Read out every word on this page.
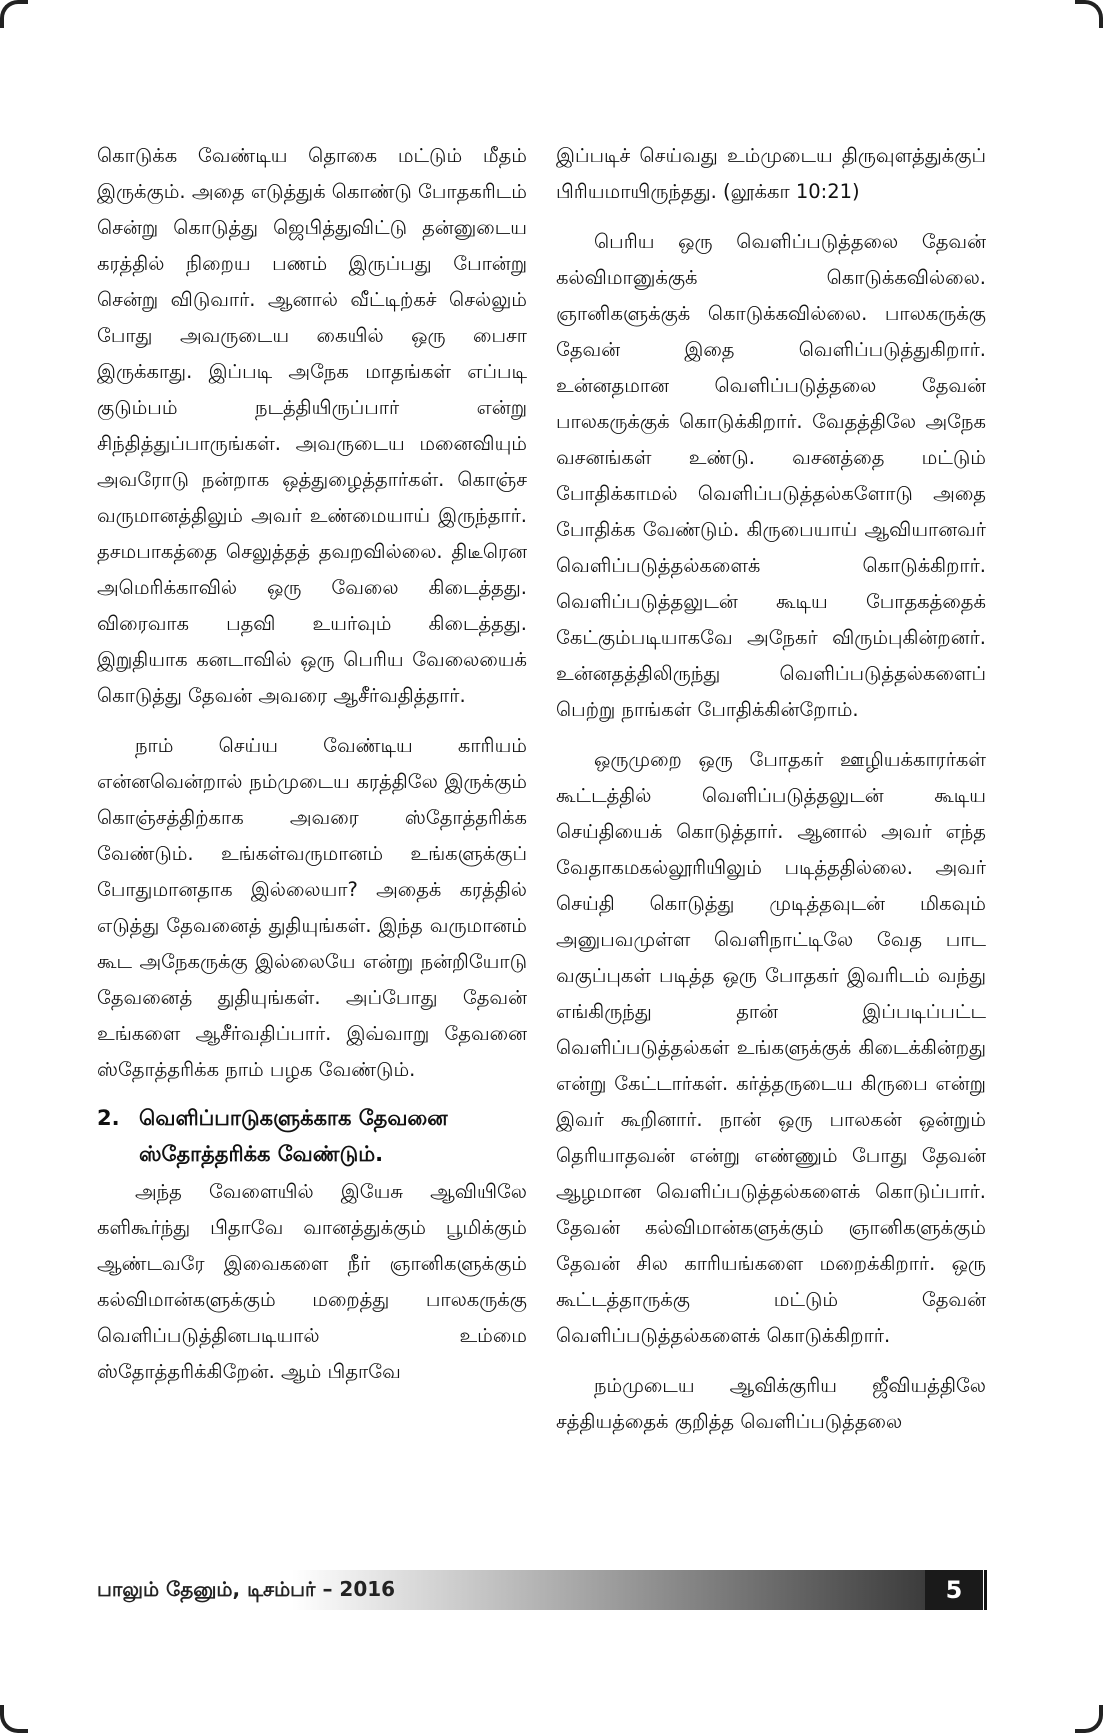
கொடுக்க வேண்டிய தொகை மட்டும் மீதம் இருக்கும். அதை எடுத்துக் கொண்டு போதகரிடம் சென்று கொடுத்து ஜெபித்துவிட்டு தன்னுடைய கரத்தில் நிறைய பணம் இருப்பது போன்று சென்று விடுவார். ஆனால் வீட்டிற்கச் செல்லும் போது அவருடைய கையில் ஒரு பைசா இருக்காது. இப்படி அநேக மாதங்கள் எப்படி குடும்பம் நடத்தியிருப்பார் என்று சிந்தித்துப்பாருங்கள். அவருடைய மனைவியும் அவரோடு நன்றாக ஒத்துழைத்தார்கள். கொஞ்ச வருமானத்திலும் அவர் உண்மையாய் இருந்தார். தசமபாகத்தை செலுத்தத் தவறவில்லை. திடீரென அமெரிக்காவில் ஒரு வேலை கிடைத்தது. விரைவாக பதவி உயர்வும் கிடைத்தது. இறுதியாக கனடாவில் ஒரு பெரிய வேலையைக் கொடுத்து தேவன் அவரை ஆசீர்வதித்தார்.

நாம் செய்ய வேண்டிய காரியம் என்னவென்றால் நம்முடைய கரத்திலே இருக்கும் கொஞ்சத்திற்காக அவரை ஸ்தோத்தரிக்க வேண்டும். உங்கள்வருமானம் உங்களுக்குப் போதுமானதாக இல்லையா? அதைக் கரத்தில் எடுத்து தேவனைத் துதியுங்கள். இந்த வருமானம் கூட அநேகருக்கு இல்லையே என்று நன்றியோடு தேவனைத் துதியுங்கள். அப்போது தேவன் உங்களை ஆசீர்வதிப்பார். இவ்வாறு தேவனை ஸ்தோத்தரிக்க நாம் பழக வேண்டும்.

2. வெளிப்பாடுகளுக்காக தேவனை ஸ்தோத்தரிக்க வேண்டும்.

அந்த வேளையில் இயேசு ஆவியிலே களிகூர்ந்து பிதாவே வானத்துக்கும் பூமிக்கும் ஆண்டவரே இவைகளை நீர் ஞானிகளுக்கும் கல்விமான்களுக்கும் மறைத்து பாலகருக்கு வெளிப்படுத்தினபடியால் உம்மை ஸ்தோத்தரிக்கிறேன். ஆம் பிதாவே

இப்படிச் செய்வது உம்முடைய திருவுளத்துக்குப் பிரியமாயிருந்தது. (லூக்கா 10:21)

பெரிய ஒரு வெளிப்படுத்தலை தேவன் கல்விமானுக்குக் கொடுக்கவில்லை. ஞானிகளுக்குக் கொடுக்கவில்லை. பாலகருக்கு தேவன் இதை வெளிப்படுத்துகிறார். உன்னதமான வெளிப்படுத்தலை தேவன் பாலகருக்குக் கொடுக்கிறார். வேதத்திலே அநேக வசனங்கள் உண்டு. வசனத்தை மட்டும் போதிக்காமல் வெளிப்படுத்தல்களோடு அதை போதிக்க வேண்டும். கிருபையாய் ஆவியானவர் வெளிப்படுத்தல்களைக் கொடுக்கிறார். வெளிப்படுத்தலுடன் கூடிய போதகத்தைக் கேட்கும்படியாகவே அநேகர் விரும்புகின்றனர். உன்னதத்திலிருந்து வெளிப்படுத்தல்களைப் பெற்று நாங்கள் போதிக்கின்றோம்.

ஒருமுறை ஒரு போதகர் ஊழியக்காரர்கள் கூட்டத்தில் வெளிப்படுத்தலுடன் கூடிய செய்தியைக் கொடுத்தார். ஆனால் அவர் எந்த வேதாகமகல்லூரியிலும் படித்ததில்லை. அவர் செய்தி கொடுத்து முடித்தவுடன் மிகவும் அனுபவமுள்ள வெளிநாட்டிலே வேத பாட வகுப்புகள் படித்த ஒரு போதகர் இவரிடம் வந்து எங்கிருந்து தான் இப்படிப்பட்ட வெளிப்படுத்தல்கள் உங்களுக்குக் கிடைக்கின்றது என்று கேட்டார்கள். கர்த்தருடைய கிருபை என்று இவர் கூறினார். நான் ஒரு பாலகன் ஒன்றும் தெரியாதவன் என்று எண்ணும் போது தேவன் ஆழமான வெளிப்படுத்தல்களைக் கொடுப்பார். தேவன் கல்விமான்களுக்கும் ஞானிகளுக்கும் தேவன் சில காரியங்களை மறைக்கிறார். ஒரு கூட்டத்தாருக்கு மட்டும் தேவன் வெளிப்படுத்தல்களைக் கொடுக்கிறார்.

நம்முடைய ஆவிக்குரிய ஜீவியத்திலே சத்தியத்தைக் குறித்த வெளிப்படுத்தலை

பாலும் தேனும், டிசம்பர் – 2016	5
